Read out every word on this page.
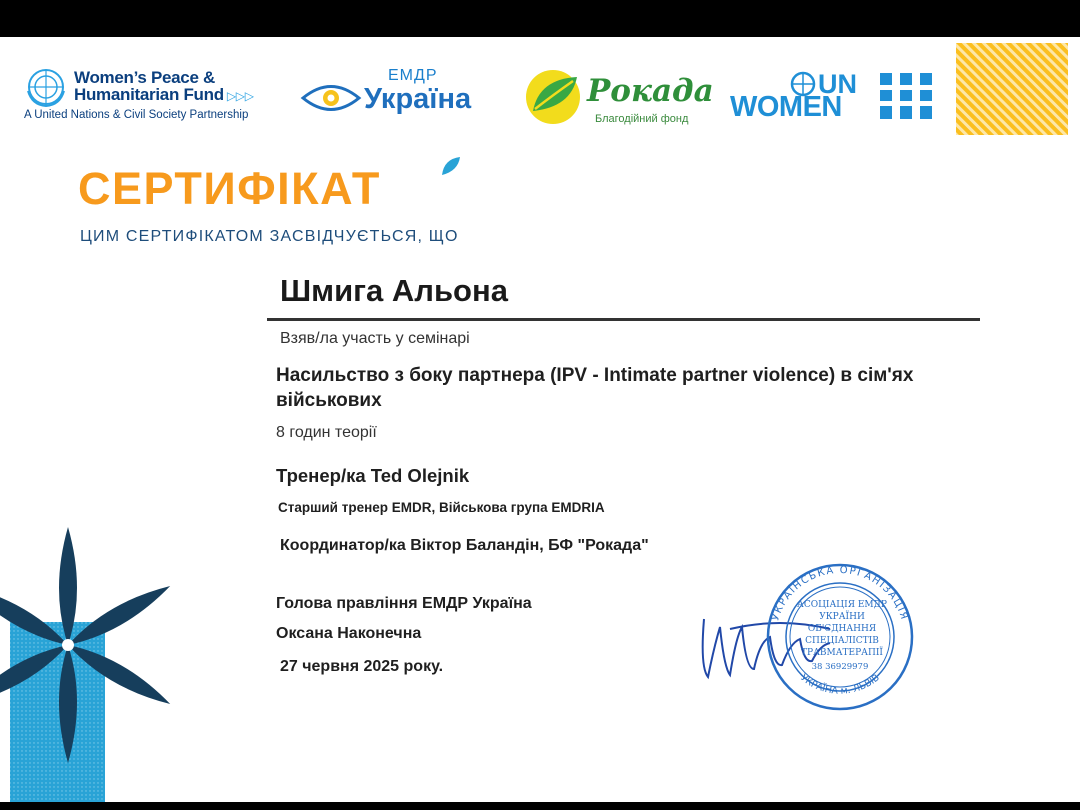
Women’s Peace &
Humanitarian Fund ▷▷▷
A United Nations & Civil Society Partnership
ЕМДР
Україна	Рокада
Благодійний фонд
UN
WOMEN
СЕРТИФІКАТ
ЦИМ СЕРТИФІКАТОМ ЗАСВІДЧУЄТЬСЯ, ЩО
Шмига Альона
Взяв/ла участь у семінарі
Насильство з боку партнера (IPV - Intimate partner violence) в сім'ях військових
8 годин теорії
Тренер/ка Ted Olejnik
Старший тренер EMDR, Військова група EMDRIA
Координатор/ка Віктор Баландін, БФ "Рокада"
Голова правління ЕМДР Україна
Оксана Наконечна
27 червня 2025 року.
УКРАЇНСЬКА ОРГАНІЗАЦІЯ
УКРАЇНА м. ЛЬВІВ
АСОЦІАЦІЯ ЕМДР
УКРАЇНИ
ОБ'ЄДНАННЯ
СПЕЦІАЛІСТІВ
ТРАВМАТЕРАПІЇ
38 36929979
